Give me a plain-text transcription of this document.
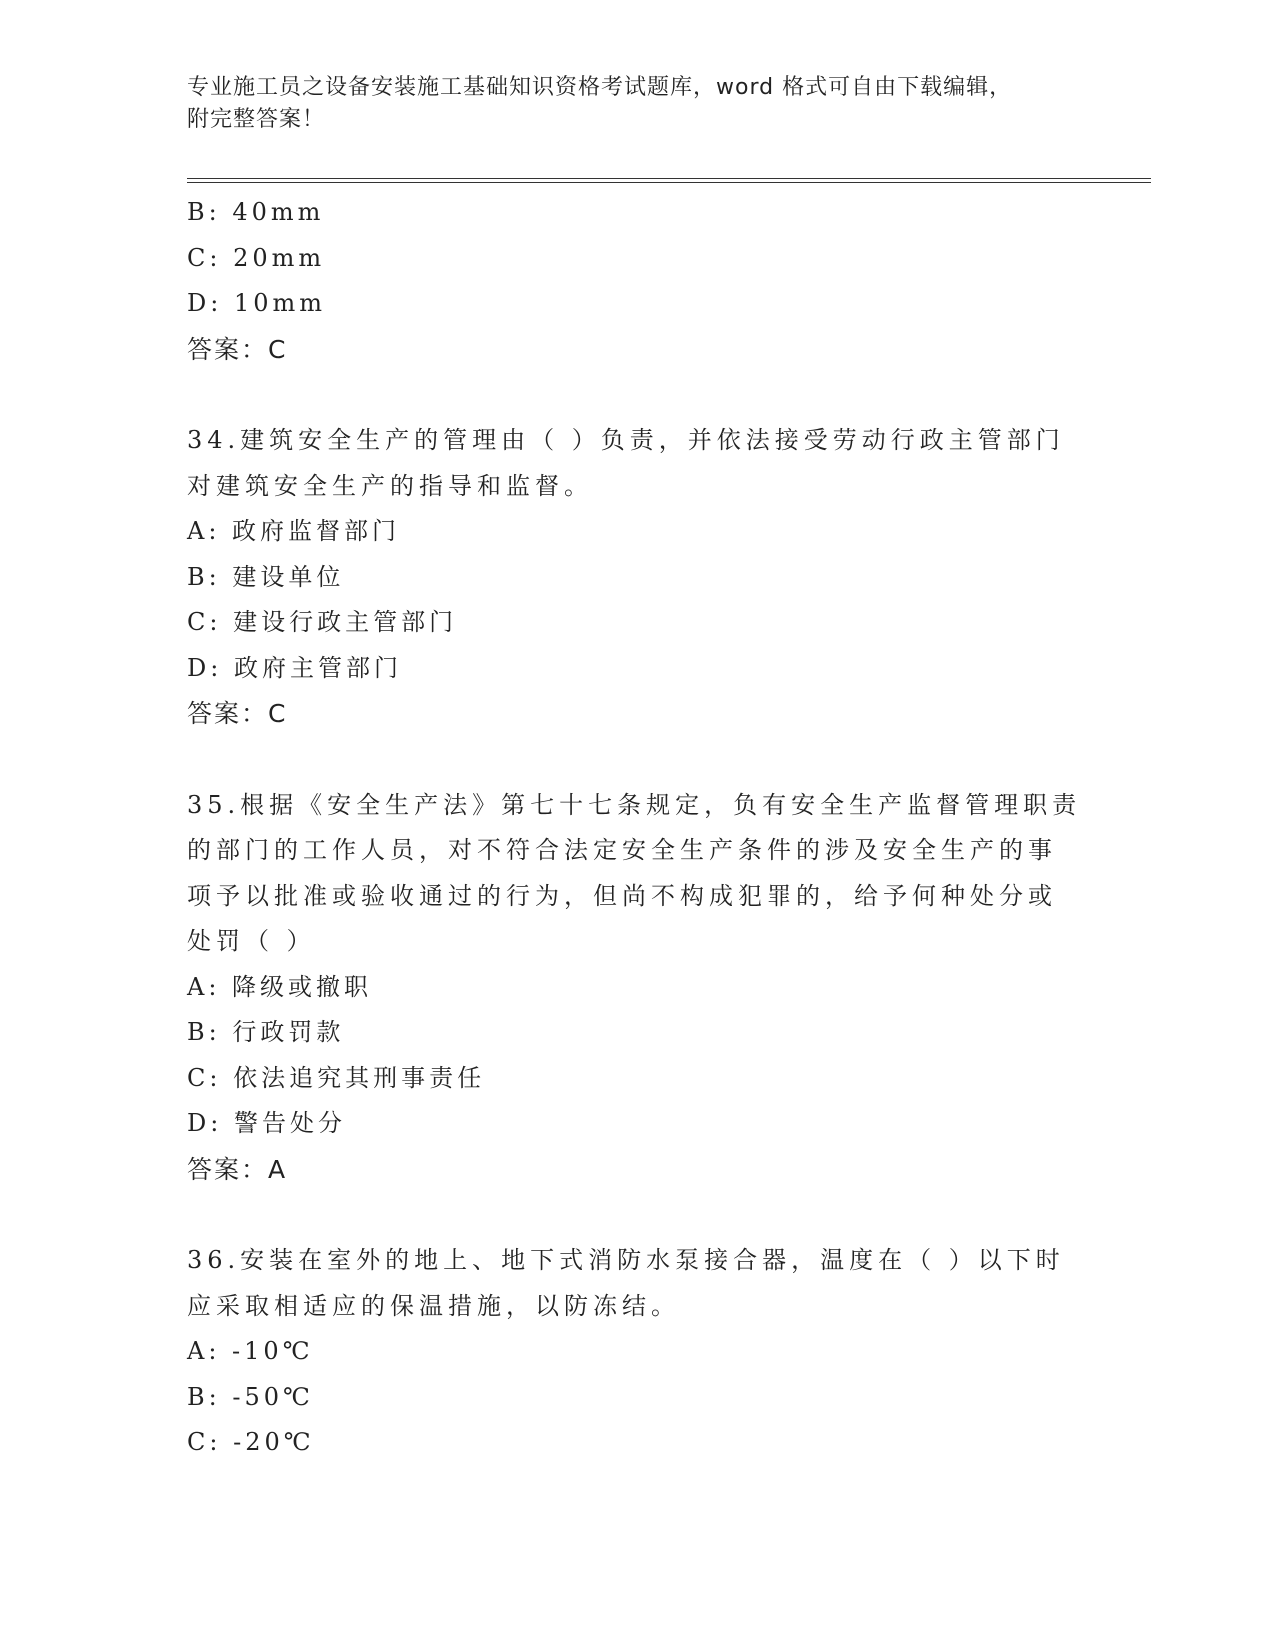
专业施工员之设备安装施工基础知识资格考试题库，word 格式可自由下载编辑，
附完整答案！
B: 40mm
C: 20mm
D: 10mm
答案：C
34.建筑安全生产的管理由（ ）负责，并依法接受劳动行政主管部门
对建筑安全生产的指导和监督。
A: 政府监督部门
B: 建设单位
C: 建设行政主管部门
D: 政府主管部门
答案：C
35.根据《安全生产法》第七十七条规定，负有安全生产监督管理职责
的部门的工作人员，对不符合法定安全生产条件的涉及安全生产的事
项予以批准或验收通过的行为，但尚不构成犯罪的，给予何种处分或
处罚（ ）
A: 降级或撤职
B: 行政罚款
C: 依法追究其刑事责任
D: 警告处分
答案：A
36.安装在室外的地上、地下式消防水泵接合器，温度在（ ）以下时
应采取相适应的保温措施，以防冻结。
A: -10℃
B: -50℃
C: -20℃
